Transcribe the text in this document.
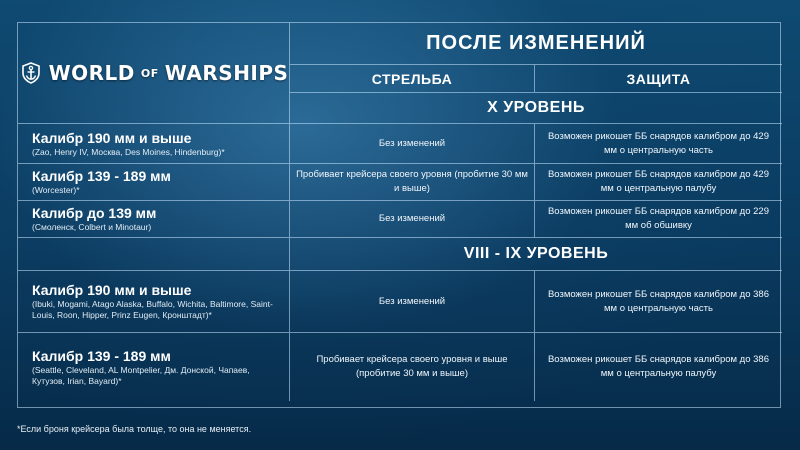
WORLD OF WARSHIPS
ПОСЛЕ ИЗМЕНЕНИЙ
СТРЕЛЬБА	ЗАЩИТА
X УРОВЕНЬ
Калибр 190 мм и выше
(Zao, Henry IV, Москва, Des Moines, Hindenburg)*
Без изменений
Возможен рикошет ББ снарядов калибром до 429 мм о центральную часть
Калибр 139 - 189 мм
(Worcester)*
Пробивает крейсера своего уровня (пробитие 30 мм и выше)
Возможен рикошет ББ снарядов калибром до 429 мм о центральную палубу
Калибр до 139 мм
(Смоленск, Colbert и Minotaur)
Без изменений
Возможен рикошет ББ снарядов калибром до 229 мм об обшивку
VIII - IX УРОВЕНЬ
Калибр 190 мм и выше
(Ibuki, Mogami, Atago Alaska, Buffalo, Wichita, Baltimore, Saint-Louis, Roon, Hipper, Prinz Eugen, Кронштадт)*
Без изменений
Возможен рикошет ББ снарядов калибром до 386 мм о центральную часть
Калибр 139 - 189 мм
(Seattle, Cleveland, AL Montpelier, Дм. Донской, Чапаев, Кутузов, Irian, Bayard)*
Пробивает крейсера своего уровня и выше (пробитие 30 мм и выше)
Возможен рикошет ББ снарядов калибром до 386 мм о центральную палубу
*Если броня крейсера была толще, то она не меняется.
